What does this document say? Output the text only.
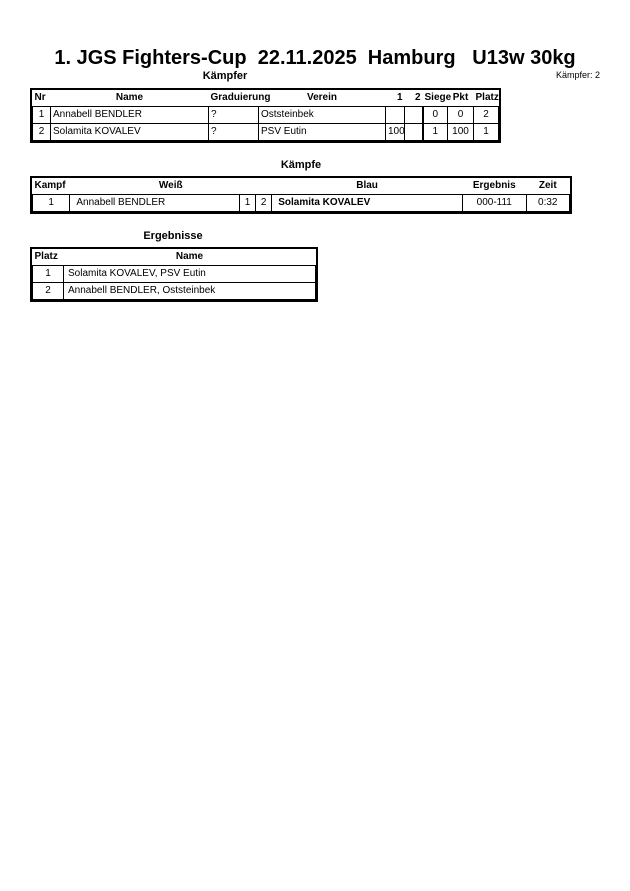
1. JGS Fighters-Cup  22.11.2025  Hamburg   U13w 30kg
Kämpfer: 2
Kämpfer
Nr	Name	Graduierung	Verein	1	2	Siege	Pkt	Platz
1	Annabell BENDLER	?	Oststeinbek			0	0	2
2	Solamita KOVALEV	?	PSV Eutin	100		1	100	1
Kämpfe
Kampf	Weiß			Blau	Ergebnis	Zeit
1	Annabell BENDLER	1	2	Solamita KOVALEV	000-111	0:32
Ergebnisse
Platz	Name
1	Solamita KOVALEV, PSV Eutin
2	Annabell BENDLER, Oststeinbek
